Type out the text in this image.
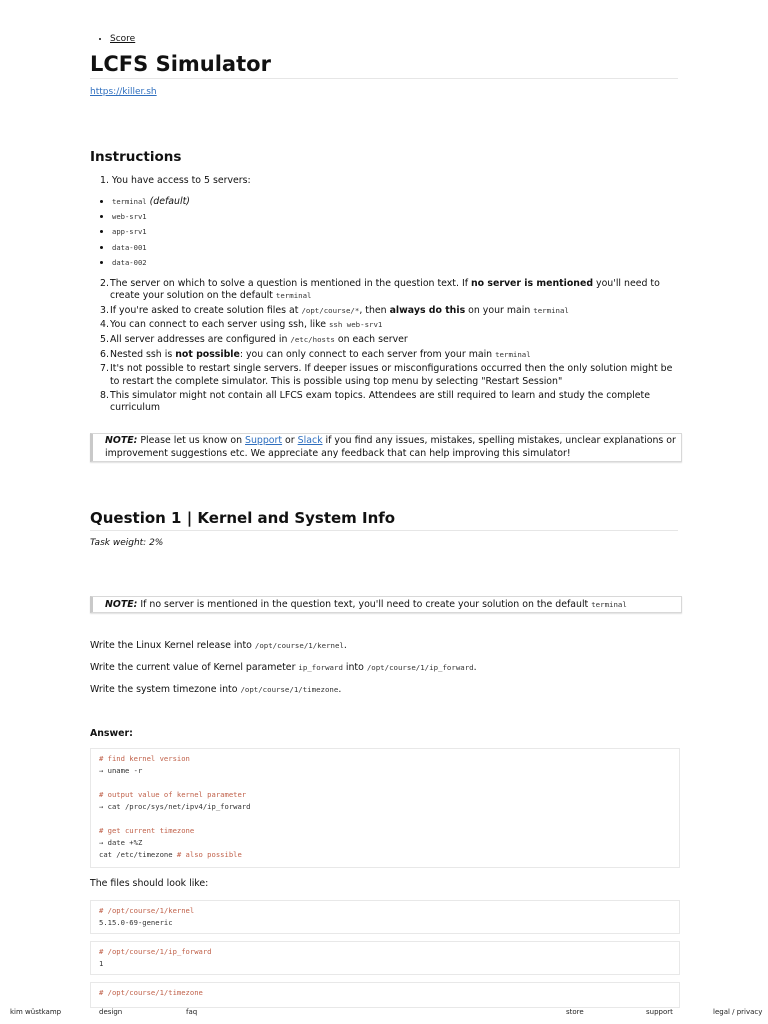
• Score
LCFS Simulator
https://killer.sh
Instructions
1. You have access to 5 servers:
• terminal (default)
• web-srv1
• app-srv1
• data-001
• data-002
2.The server on which to solve a question is mentioned in the question text. If no server is mentioned you'll need to create your solution on the default terminal
3.If you're asked to create solution files at /opt/course/*, then always do this on your main terminal
4.You can connect to each server using ssh, like ssh web-srv1
5.All server addresses are configured in /etc/hosts on each server
6.Nested ssh is not possible: you can only connect to each server from your main terminal
7.It's not possible to restart single servers. If deeper issues or misconfigurations occurred then the only solution might be to restart the complete simulator. This is possible using top menu by selecting "Restart Session"
8.This simulator might not contain all LFCS exam topics. Attendees are still required to learn and study the complete curriculum
NOTE: Please let us know on Support or Slack if you find any issues, mistakes, spelling mistakes, unclear explanations or improvement suggestions etc. We appreciate any feedback that can help improving this simulator!
Question 1 | Kernel and System Info
Task weight: 2%
NOTE: If no server is mentioned in the question text, you'll need to create your solution on the default terminal
Write the Linux Kernel release into /opt/course/1/kernel.
Write the current value of Kernel parameter ip_forward into /opt/course/1/ip_forward.
Write the system timezone into /opt/course/1/timezone.
Answer:
# find kernel version
→ uname -r
# output value of kernel parameter
→ cat /proc/sys/net/ipv4/ip_forward
# get current timezone
→ date +%Z
cat /etc/timezone # also possible
The files should look like:
# /opt/course/1/kernel
5.15.0-69-generic
# /opt/course/1/ip_forward
1
# /opt/course/1/timezone
kim wüstkamp	design	faq	store	support	legal / privacy
